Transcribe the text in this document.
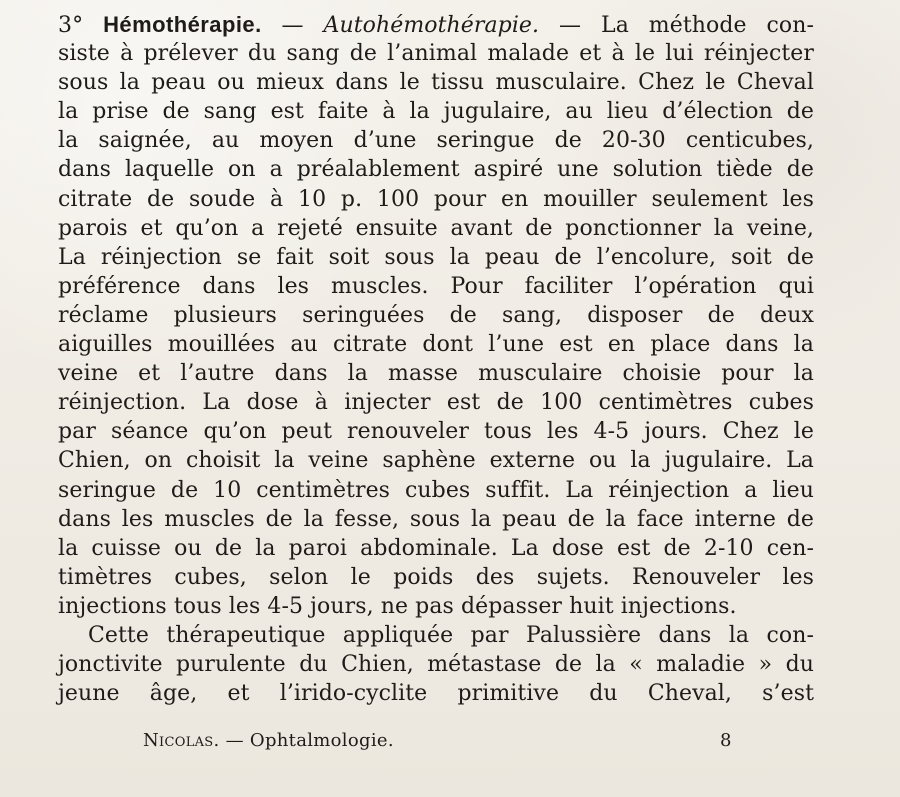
3° Hémothérapie. — Autohémothérapie. — La méthode con-
siste à prélever du sang de l’animal malade et à le lui réinjecter
sous la peau ou mieux dans le tissu musculaire. Chez le Cheval
la prise de sang est faite à la jugulaire, au lieu d’élection de
la saignée, au moyen d’une seringue de 20-30 centicubes,
dans laquelle on a préalablement aspiré une solution tiède de
citrate de soude à 10 p. 100 pour en mouiller seulement les
parois et qu’on a rejeté ensuite avant de ponctionner la veine,
La réinjection se fait soit sous la peau de l’encolure, soit de
préférence dans les muscles. Pour faciliter l’opération qui
réclame plusieurs seringuées de sang, disposer de deux
aiguilles mouillées au citrate dont l’une est en place dans la
veine et l’autre dans la masse musculaire choisie pour la
réinjection. La dose à injecter est de 100 centimètres cubes
par séance qu’on peut renouveler tous les 4-5 jours. Chez le
Chien, on choisit la veine saphène externe ou la jugulaire. La
seringue de 10 centimètres cubes suffit. La réinjection a lieu
dans les muscles de la fesse, sous la peau de la face interne de
la cuisse ou de la paroi abdominale. La dose est de 2-10 cen-
timètres cubes, selon le poids des sujets. Renouveler les
injections tous les 4-5 jours, ne pas dépasser huit injections.
Cette thérapeutique appliquée par Palussière dans la con-
jonctivite purulente du Chien, métastase de la « maladie » du
jeune âge, et l’irido-cyclite primitive du Cheval, s’est
Nicolas. — Ophtalmologie.	8
